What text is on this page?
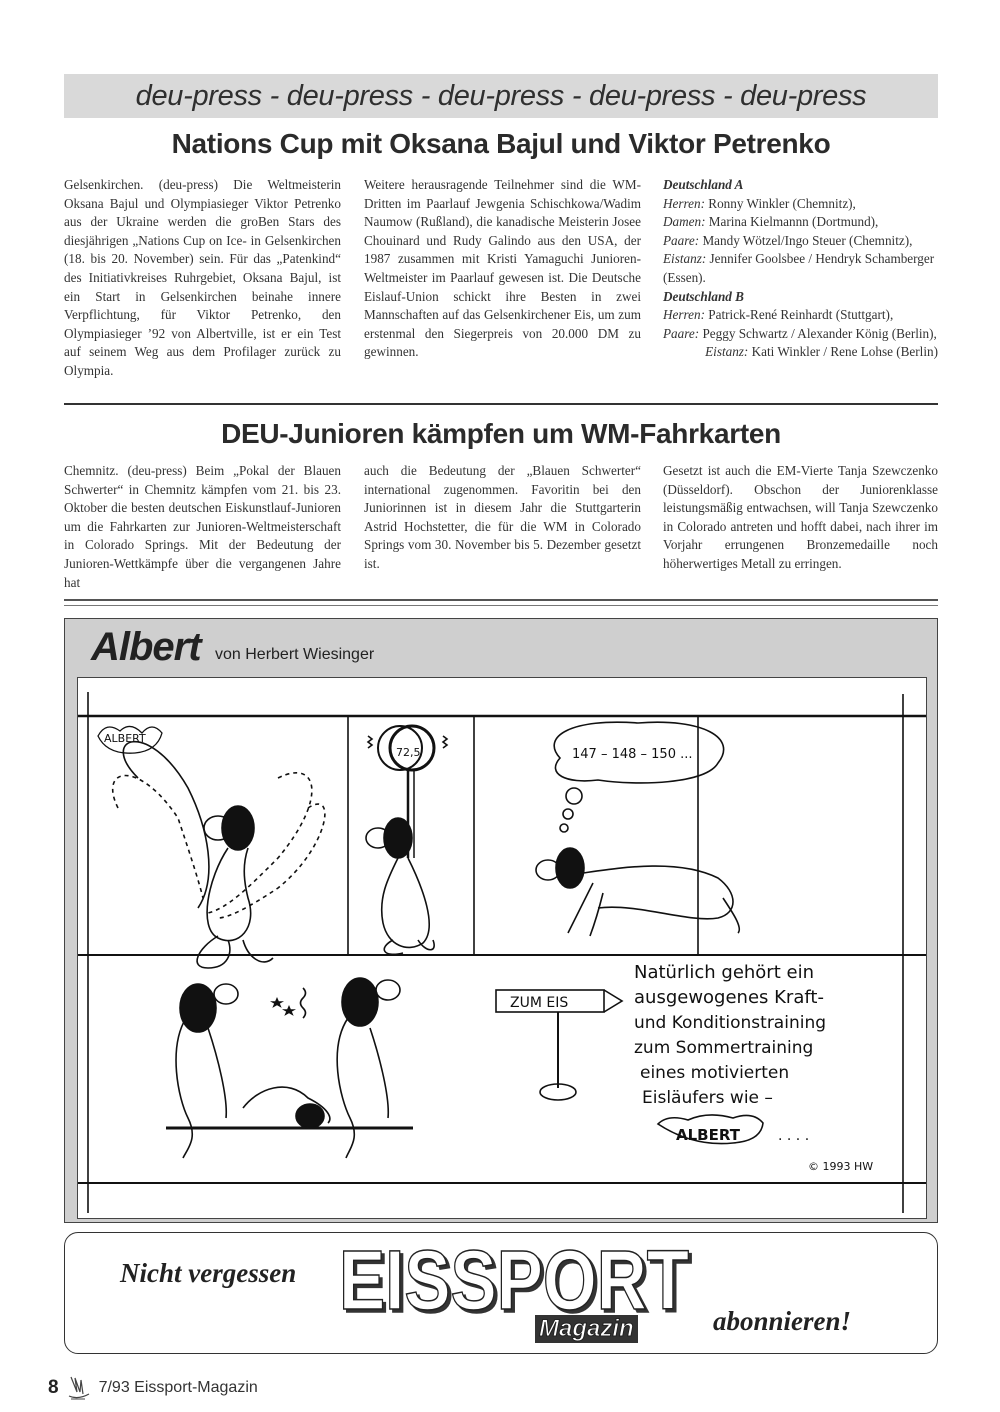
deu-press - deu-press - deu-press - deu-press - deu-press
Nations Cup mit Oksana Bajul und Viktor Petrenko

Gelsenkirchen. (deu-press) Die Weltmeisterin Oksana Bajul und Olympiasieger Viktor Petrenko aus der Ukraine werden die groBen Stars des diesjährigen „Nations Cup on Ice- in Gelsenkirchen (18. bis 20. November) sein. Für das „Patenkind“ des Initiativkreises Ruhrgebiet, Oksana Bajul, ist ein Start in Gelsenkirchen beinahe innere Verpflichtung, für Viktor Petrenko, den Olympiasieger ’92 von Albertville, ist er ein Test auf seinem Weg aus dem Profilager zurück zu Olympia.

Weitere herausragende Teilnehmer sind die WM-Dritten im Paarlauf Jewgenia Schischkowa/Wadim Naumow (Rußland), die kanadische Meisterin Josee Chouinard und Rudy Galindo aus den USA, der 1987 zusammen mit Kristi Yamaguchi Junioren-Weltmeister im Paarlauf gewesen ist. Die Deutsche Eislauf-Union schickt ihre Besten in zwei Mannschaften auf das Gelsenkirchener Eis, um zum erstenmal den Siegerpreis von 20.000 DM zu gewinnen.

Deutschland A
Herren: Ronny Winkler (Chemnitz),
Damen: Marina Kielmannn (Dortmund),
Paare: Mandy Wötzel/Ingo Steuer (Chemnitz),
Eistanz: Jennifer Goolsbee / Hendryk Schamberger (Essen).
Deutschland B
Herren: Patrick-René Reinhardt (Stuttgart),
Paare: Peggy Schwartz / Alexander König (Berlin),
Eistanz: Kati Winkler / Rene Lohse (Berlin)
DEU-Junioren kämpfen um WM-Fahrkarten

Chemnitz. (deu-press) Beim „Pokal der Blauen Schwerter“ in Chemnitz kämpfen vom 21. bis 23. Oktober die besten deutschen Eiskunstlauf-Junioren um die Fahrkarten zur Junioren-Weltmeisterschaft in Colorado Springs. Mit der Bedeutung der Junioren-Wettkämpfe über die vergangenen Jahre hat

auch die Bedeutung der „Blauen Schwerter“ international zugenommen. Favoritin bei den Juniorinnen ist in diesem Jahr die Stuttgarterin Astrid Hochstetter, die für die WM in Colorado Springs vom 30. November bis 5. Dezember gesetzt ist.

Gesetzt ist auch die EM-Vierte Tanja Szewczenko (Düsseldorf). Obschon der Juniorenklasse leistungsmäßig entwachsen, will Tanja Szewczenko in Colorado antreten und hofft dabei, nach ihrer im Vorjahr errungenen Bronzemedaille noch höherwertiges Metall zu erringen.

Albert von Herbert Wiesinger
ALBERT
72,5	147 – 148 – 150 ...
ZUM EIS
Natürlich gehört ein
ausgewogenes Kraft-
und Konditionstraining
zum Sommertraining
eines motivierten
Eisläufers wie –
ALBERT	. . . .
© 1993 HW
Nicht vergessen EISSPORT
Magazin	abonnieren!
8	7/93 Eissport-Magazin
